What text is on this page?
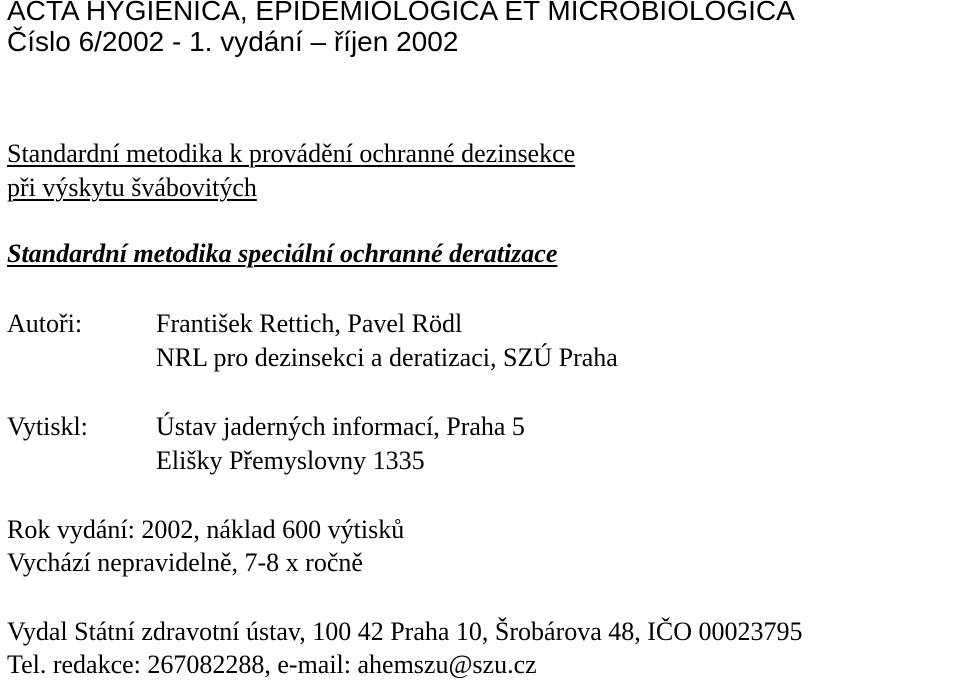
ACTA HYGIENICA, EPIDEMIOLOGICA ET MICROBIOLOGICA
Číslo 6/2002 - 1. vydání – říjen 2002
Standardní metodika k provádění ochranné dezinsekce
při výskytu švábovitých
Standardní metodika speciální ochranné deratizace
Autoři:	František Rettich, Pavel Rödl
NRL pro dezinsekci a deratizaci, SZÚ Praha
Vytiskl:	Ústav jaderných informací, Praha 5
Elišky Přemyslovny 1335
Rok vydání: 2002, náklad 600 výtisků
Vychází nepravidelně, 7-8 x ročně
Vydal Státní zdravotní ústav, 100 42 Praha 10, Šrobárova 48, IČO 00023795
Tel. redakce: 267082288, e-mail: ahemszu@szu.cz
